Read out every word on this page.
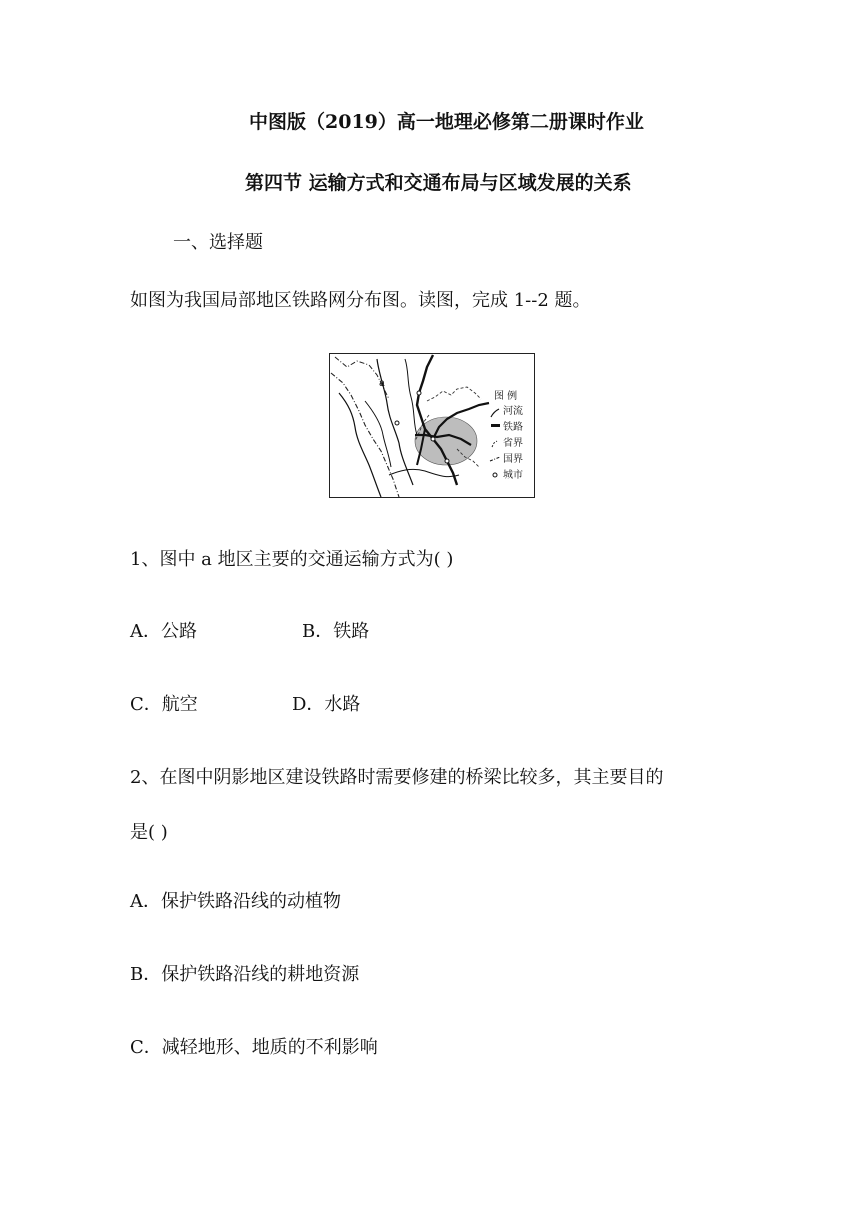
中图版（2019）高一地理必修第二册课时作业
第四节 运输方式和交通布局与区域发展的关系
一、选择题
如图为我国局部地区铁路网分布图。读图，完成 1--2 题。
a
图 例
河流
铁路
省界
国界
城市
1、图中 a 地区主要的交通运输方式为( )
A．公路	B．铁路
C．航空	D．水路
2、在图中阴影地区建设铁路时需要修建的桥梁比较多，其主要目的
是( )
A．保护铁路沿线的动植物
B．保护铁路沿线的耕地资源
C．减轻地形、地质的不利影响
